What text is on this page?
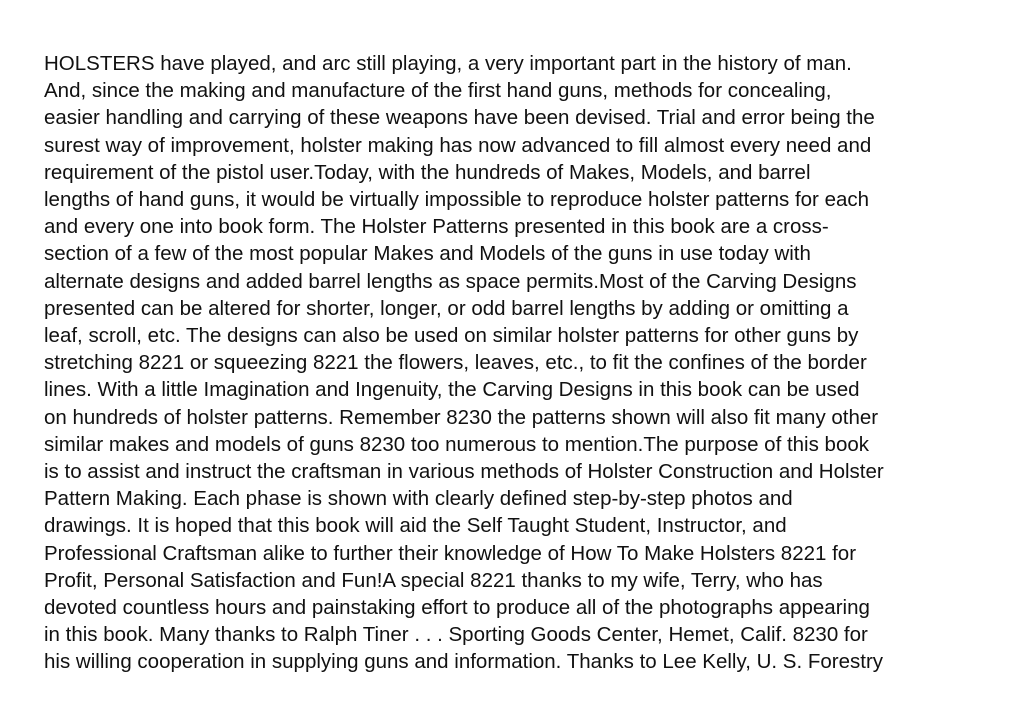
HOLSTERS have played, and arc still playing, a very important part in the history of man.
And, since the making and manufacture of the first hand guns, methods for concealing,
easier handling and carrying of these weapons have been devised. Trial and error being the
surest way of improvement, holster making has now advanced to fill almost every need and
requirement of the pistol user.Today, with the hundreds of Makes, Models, and barrel
lengths of hand guns, it would be virtually impossible to reproduce holster patterns for each
and every one into book form. The Holster Patterns presented in this book are a cross-
section of a few of the most popular Makes and Models of the guns in use today with
alternate designs and added barrel lengths as space permits.Most of the Carving Designs
presented can be altered for shorter, longer, or odd barrel lengths by adding or omitting a
leaf, scroll, etc. The designs can also be used on similar holster patterns for other guns by
stretching 8221 or squeezing 8221 the flowers, leaves, etc., to fit the confines of the border
lines. With a little Imagination and Ingenuity, the Carving Designs in this book can be used
on hundreds of holster patterns. Remember 8230 the patterns shown will also fit many other
similar makes and models of guns 8230 too numerous to mention.The purpose of this book
is to assist and instruct the craftsman in various methods of Holster Construction and Holster
Pattern Making. Each phase is shown with clearly defined step-by-step photos and
drawings. It is hoped that this book will aid the Self Taught Student, Instructor, and
Professional Craftsman alike to further their knowledge of How To Make Holsters 8221 for
Profit, Personal Satisfaction and Fun!A special 8221 thanks to my wife, Terry, who has
devoted countless hours and painstaking effort to produce all of the photographs appearing
in this book. Many thanks to Ralph Tiner . . . Sporting Goods Center, Hemet, Calif. 8230 for
his willing cooperation in supplying guns and information. Thanks to Lee Kelly, U. S. Forestry
